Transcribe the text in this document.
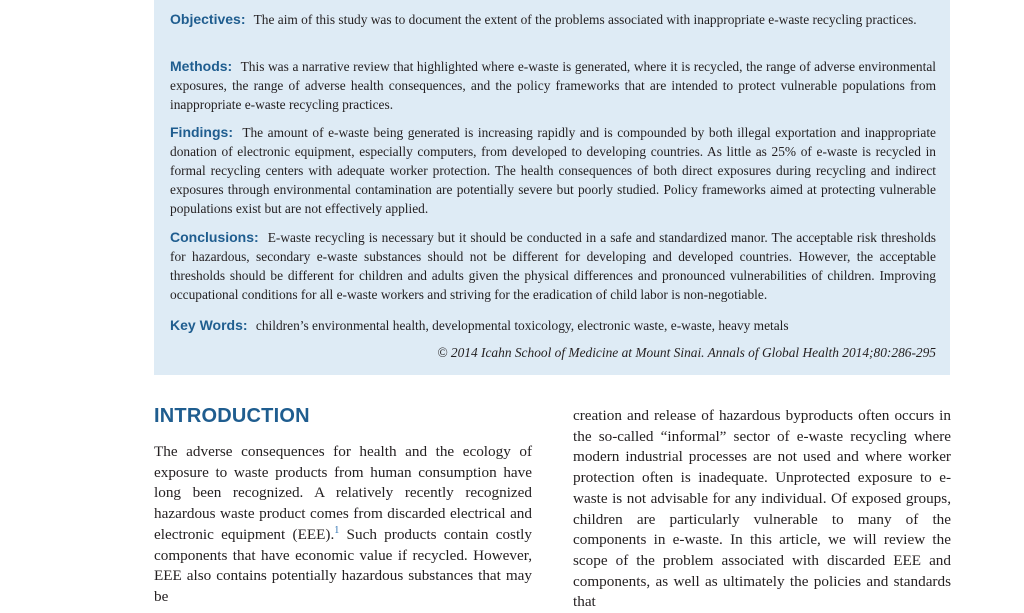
Objectives: The aim of this study was to document the extent of the problems associated with inappropriate e-waste recycling practices.

Methods: This was a narrative review that highlighted where e-waste is generated, where it is recycled, the range of adverse environmental exposures, the range of adverse health consequences, and the policy frameworks that are intended to protect vulnerable populations from inappropriate e-waste recycling practices.

Findings: The amount of e-waste being generated is increasing rapidly and is compounded by both illegal exportation and inappropriate donation of electronic equipment, especially computers, from developed to developing countries. As little as 25% of e-waste is recycled in formal recycling centers with adequate worker protection. The health consequences of both direct exposures during recycling and indirect exposures through environmental contamination are potentially severe but poorly studied. Policy frameworks aimed at protecting vulnerable populations exist but are not effectively applied.

Conclusions: E-waste recycling is necessary but it should be conducted in a safe and standardized manor. The acceptable risk thresholds for hazardous, secondary e-waste substances should not be different for developing and developed countries. However, the acceptable thresholds should be different for children and adults given the physical differences and pronounced vulnerabilities of children. Improving occupational conditions for all e-waste workers and striving for the eradication of child labor is non-negotiable.

Key Words: children’s environmental health, developmental toxicology, electronic waste, e-waste, heavy metals

© 2014 Icahn School of Medicine at Mount Sinai. Annals of Global Health 2014;80:286-295

INTRODUCTION

The adverse consequences for health and the ecology of exposure to waste products from human consumption have long been recognized. A relatively recently recognized hazardous waste product comes from discarded electrical and electronic equipment (EEE).$^1$ Such products contain costly components that have economic value if recycled. However, EEE also contains potentially hazardous substances that may be

creation and release of hazardous byproducts often occurs in the so-called “informal” sector of e-waste recycling where modern industrial processes are not used and where worker protection often is inadequate. Unprotected exposure to e-waste is not advisable for any individual. Of exposed groups, children are particularly vulnerable to many of the components in e-waste. In this article, we will review the scope of the problem associated with discarded EEE and components, as well as ultimately the policies and standards that
